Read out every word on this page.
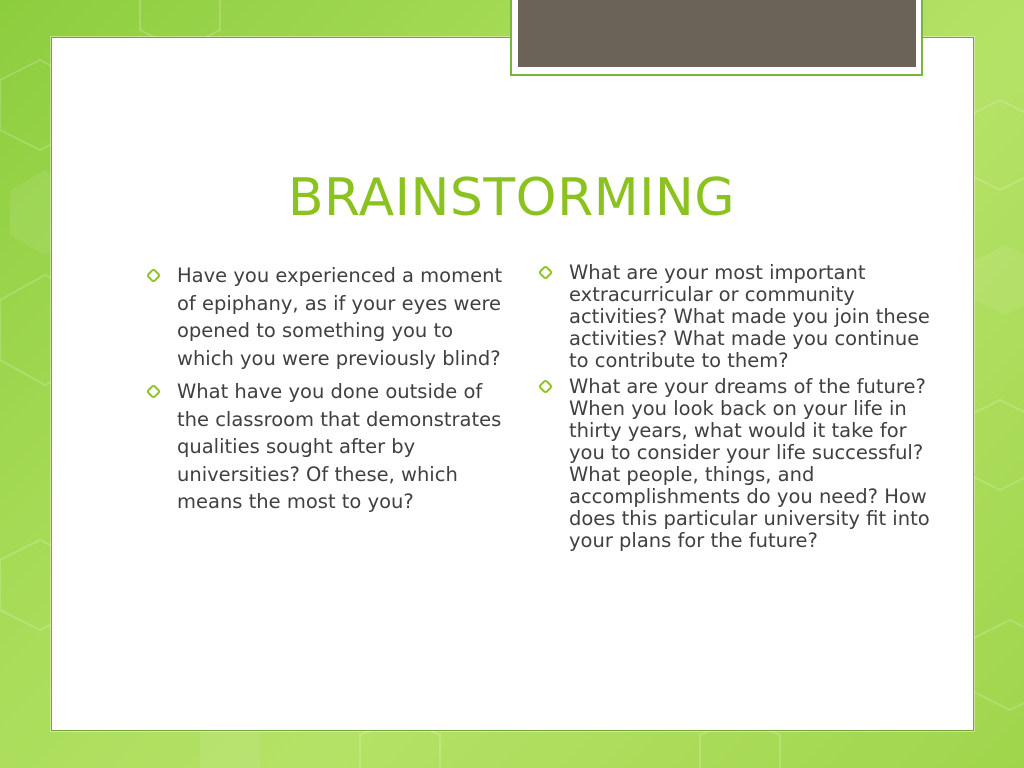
BRAINSTORMING
Have you experienced a moment of epiphany, as if your eyes were opened to something you to which you were previously blind?
What have you done outside of the classroom that demonstrates qualities sought after by universities? Of these, which means the most to you?
What are your most important extracurricular or community activities? What made you join these activities? What made you continue to contribute to them?
What are your dreams of the future? When you look back on your life in thirty years, what would it take for you to consider your life successful? What people, things, and accomplishments do you need? How does this particular university fit into your plans for the future?
